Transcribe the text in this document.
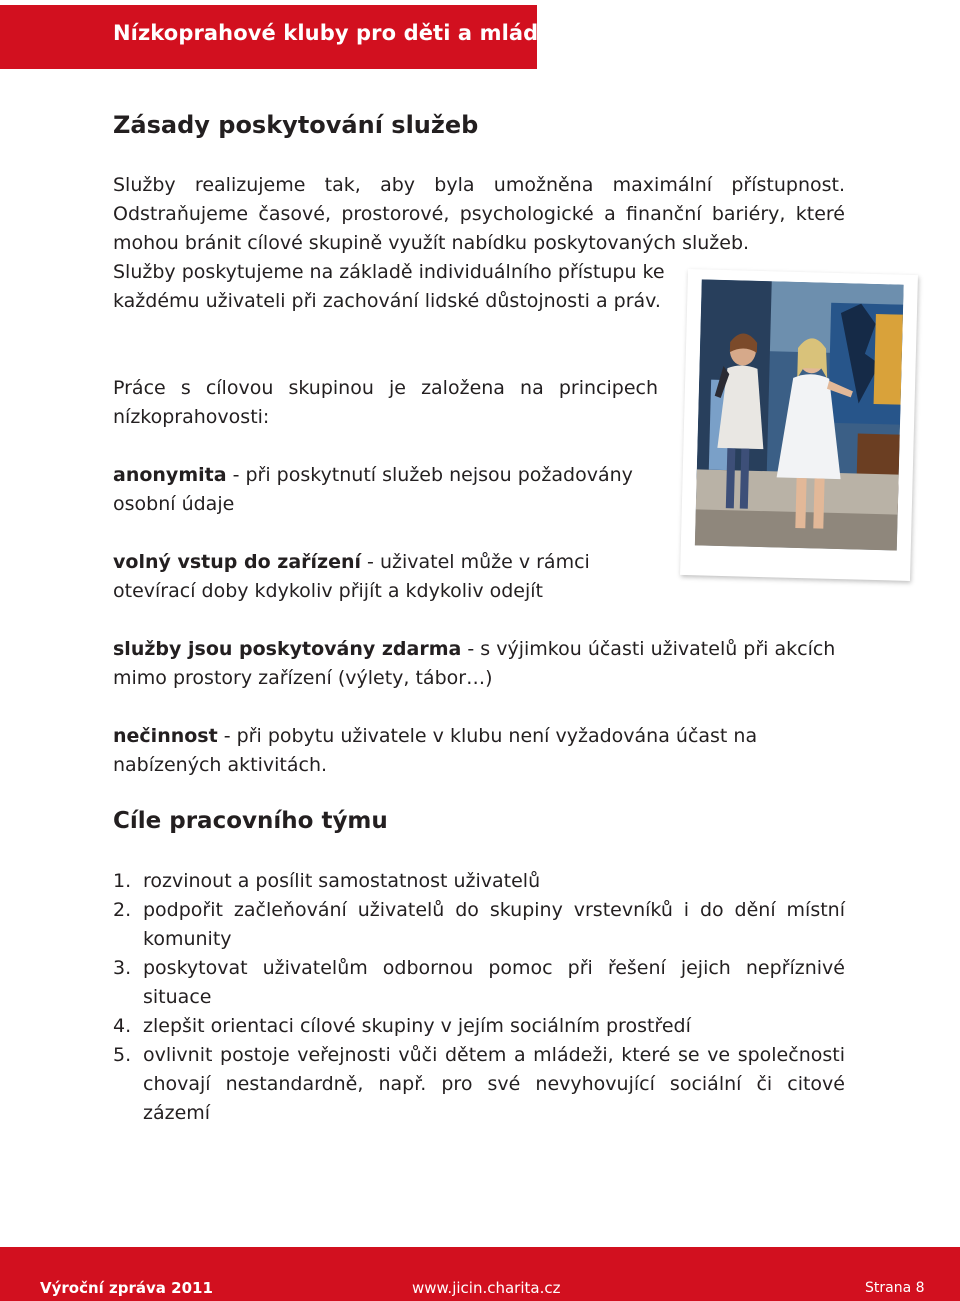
Nízkoprahové kluby pro děti a mládež
Zásady poskytování služeb

Služby realizujeme tak, aby byla umožněna maximální přístupnost. Odstraňujeme časové, prostorové, psychologické a finanční bariéry, které mohou bránit cílové skupině využít nabídku poskytovaných služeb.

Služby poskytujeme na základě individuálního přístupu ke každému uživateli při zachování lidské důstojnosti a práv.

Práce s cílovou skupinou je založena na principech
nízkoprahovosti:

anonymita - při poskytnutí služeb nejsou požadovány osobní údaje

volný vstup do zařízení - uživatel může v rámci otevírací doby kdykoliv přijít a kdykoliv odejít

služby jsou poskytovány zdarma - s výjimkou účasti uživatelů při akcích mimo prostory zařízení (výlety, tábor…)

nečinnost - při pobytu uživatele v klubu není vyžadována účast na nabízených aktivitách.

Cíle pracovního týmu
1. rozvinout a posílit samostatnost uživatelů
2. podpořit začleňování uživatelů do skupiny vrstevníků i do dění místní komunity
3. poskytovat uživatelům odbornou pomoc při řešení jejich nepříznivé situace
4. zlepšit orientaci cílové skupiny v jejím sociálním prostředí
5. ovlivnit postoje veřejnosti vůči dětem a mládeži, které se ve společnosti chovají nestandardně, např. pro své nevyhovující sociální či citové zázemí
Výroční zpráva 2011	www.jicin.charita.cz	Strana 8
